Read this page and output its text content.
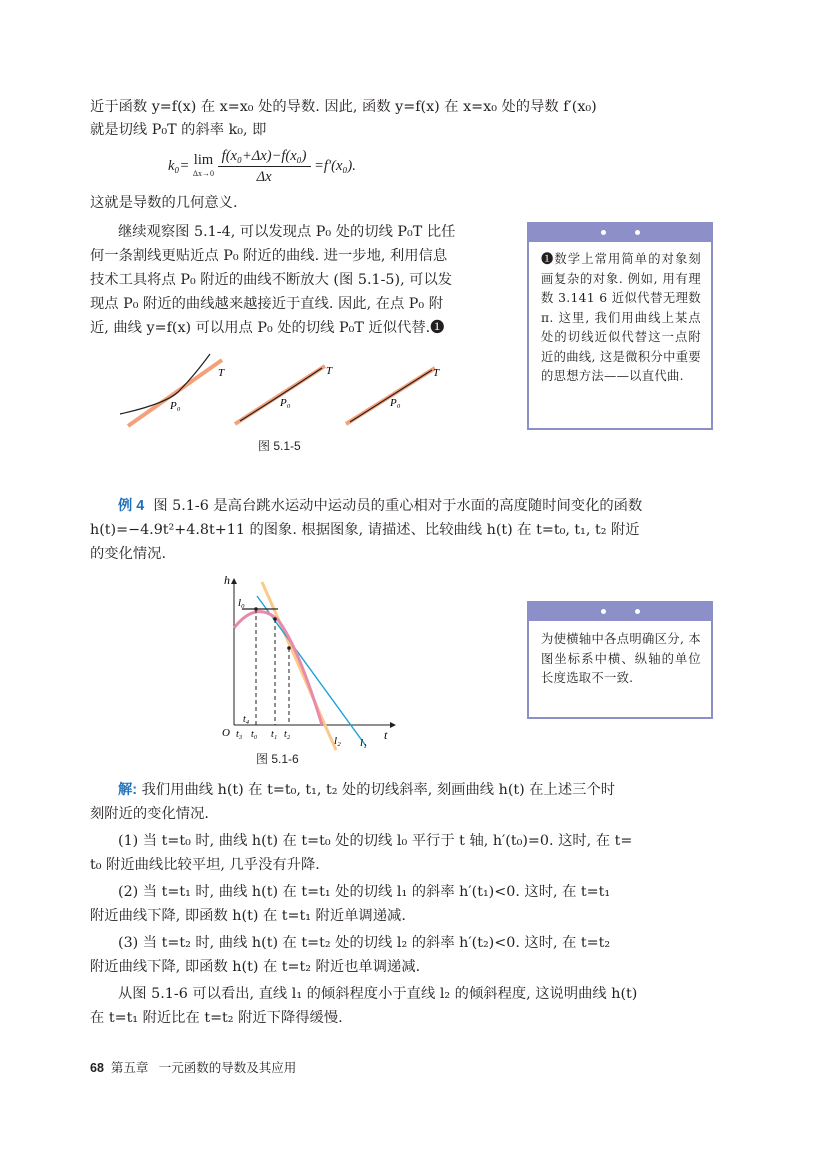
近于函数 y=f(x) 在 x=x₀ 处的导数. 因此, 函数 y=f(x) 在 x=x₀ 处的导数 f′(x₀)

就是切线 P₀T 的斜率 k₀, 即

k₀= lim
Δx→0
$\frac{\text{f(x₀+Δx)−f(x₀)}}{\Delta x} =f'(x_0)$.

这就是导数的几何意义.

继续观察图 5.1-4, 可以发现点 P₀ 处的切线 P₀T 比任

何一条割线更贴近点 P₀ 附近的曲线. 进一步地, 利用信息

技术工具将点 P₀ 附近的曲线不断放大 (图 5.1-5), 可以发

现点 P₀ 附近的曲线越来越接近于直线. 因此, 在点 P₀ 附

近, 曲线 y=f(x) 可以用点 P₀ 处的切线 P₀T 近似代替.❶

❶数学上常用简单的对象刻画复杂的对象. 例如, 用有理数 3.141 6 近似代替无理数 π. 这里, 我们用曲线上某点处的切线近似代替这一点附近的曲线, 这是微积分中重要的思想方法——以直代曲.
P₀
T
P₀
T
P₀
T
图 5.1-5

例 4 图 5.1-6 是高台跳水运动中运动员的重心相对于水面的高度随时间变化的函数

h(t)=−4.9t²+4.8t+11 的图象. 根据图象, 请描述、比较曲线 h(t) 在 t=t₀, t₁, t₂ 附近

的变化情况.

h
t
O
l₀
l₁
l₂
t₃
t₄
t₀ t₁ t₂
图 5.1-6
为使横轴中各点明确区分, 本图坐标系中横、纵轴的单位长度选取不一致.

解: 我们用曲线 h(t) 在 t=t₀, t₁, t₂ 处的切线斜率, 刻画曲线 h(t) 在上述三个时

刻附近的变化情况.

(1) 当 t=t₀ 时, 曲线 h(t) 在 t=t₀ 处的切线 l₀ 平行于 t 轴, h′(t₀)=0. 这时, 在 t=

t₀ 附近曲线比较平坦, 几乎没有升降.

(2) 当 t=t₁ 时, 曲线 h(t) 在 t=t₁ 处的切线 l₁ 的斜率 h′(t₁)<0. 这时, 在 t=t₁

附近曲线下降, 即函数 h(t) 在 t=t₁ 附近单调递减.

(3) 当 t=t₂ 时, 曲线 h(t) 在 t=t₂ 处的切线 l₂ 的斜率 h′(t₂)<0. 这时, 在 t=t₂

附近曲线下降, 即函数 h(t) 在 t=t₂ 附近也单调递减.

从图 5.1-6 可以看出, 直线 l₁ 的倾斜程度小于直线 l₂ 的倾斜程度, 这说明曲线 h(t)

在 t=t₁ 附近比在 t=t₂ 附近下降得缓慢.

68 第五章 一元函数的导数及其应用
